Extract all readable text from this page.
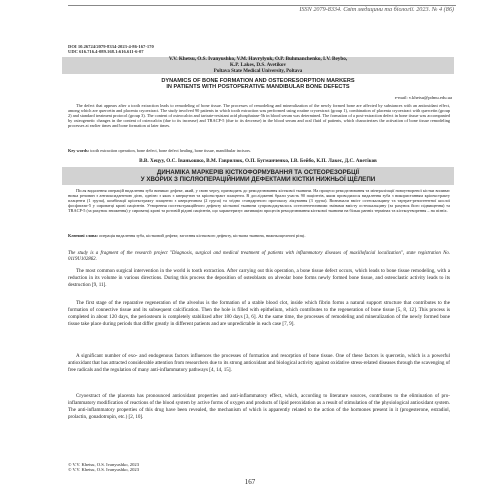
ISSN 2079-8334. Світ медицини та біології. 2023. № 4 (86)
DOI 10.26724/2079-8334-2023-4-86-167-170
UDC 616.716.4-089.168.1:616.611-6-07
V.V. Khetsu, O.S. Ivanyushko, V.M. Havrylyuk, O.P. Buhmanchenko, I.V. Beybo,
K.P. Lakes, D.S. Avetikov
Poltava State Medical University, Poltava
DYNAMICS OF BONE FORMATION AND OSTEORESORPTION MARKERS
IN PATIENTS WITH POSTOPERATIVE MANDIBULAR BONE DEFECTS
e-mail: v.khetsu@pdmu.edu.ua
The defect that appears after a tooth extraction leads to remodeling of bone tissue. The processes of remodeling and mineralization of the newly formed bone are affected by substances with an antioxidant effect, among which are quercetin and placenta cryoextract. The study involved 90 patients in which tooth extraction was performed using routine cryoextract (group 1), combination of placenta cryoextract with quercetin (group 2) and standard treatment protocol (group 3). The content of osteocalcin and tartrate-resistant acid phosphatase-5b in blood serum was determined. The formation of a post-extraction defect in bone tissue was accompanied by osteogenetic changes in the content of osteocalcin (due to its increase) and TRACP-5 (due to its decrease) in the blood serum and oral fluid of patients, which characterizes the activation of bone tissue remodeling processes at earlier times and bone formation at later times.
Key words: tooth extraction operation, bone defect, bone defect healing, bone tissue, mandibular incisors.
В.В. Хецуу, О.С. Іваньошко, В.М. Гаврилюк, О.П. Бугманченко, І.В. Бейбо, К.П. Лакес, Д.С. Аветіков
ДИНАМІКА МАРКЕРІВ КІСТКОФОРМУВАННЯ ТА ОСТЕОРЕЗОРБЦІЇ
У ХВОРИХ З ПІСЛЯОПЕРАЦІЙНИМИ ДЕФЕКТАМИ КІСТКИ НИЖНЬОЇ ЩЕЛЕПИ
Після видалення операцій видалення зуба виникає дефект, який, у свою чергу, призводить до ремоделювання кісткової тканини. На процеси ремоделювання та мінералізації новоутвореної кістки впливає низка речовин з антиоксидантною дією, однією з яких є кверцетин та кріоекстракт плаценти. В дослідженні брали участь 90 пацієнтів, яким проводилося видалення зуба з використанням кріоекстракту плаценти (1 група), комбінації кріоекстракту плаценти з кверцетином (2 група) та згідно стандартного протоколу лікування (3 група). Визначали вміст остеокальцину та тартрат-резистентної кислої фосфатази-5 у сироватці крові пацієнтів. Утворення постекстракційного дефекту кісткової тканини супроводжувалось остеогенетичними змінами вмісту остеокальцину (за рахунок його підвищення) та TRACP-5 (за рахунок зниження) у сироватці крові та ротовій рідині пацієнтів, що характеризує активацію процесів ремоделювання кісткової тканини на більш ранніх термінах та кісткоутворення – на пізніх.
Ключові слова: операція видалення зуба, кістковий дефект, загоєння кісткового дефекту, кісткова тканина, нижньощелепні різці.
The study is a fragment of the research project "Diagnosis, surgical and medical treatment of patients with inflammatory diseases of maxillofacial localization", state registration No. 0119U102862.
The most common surgical intervention in the world is tooth extraction. After carrying out this operation, a bone tissue defect occurs, which leads to bone tissue remodeling, with a reduction in its volume in various directions. During this process the deposition of osteoblasts on alveolar bone forms newly formed bone tissue, and osteoclastic activity leads to its destruction [9, 11].
The first stage of the reparative regeneration of the alveolus is the formation of a stable blood clot, inside which fibrin forms a natural support structure that contributes to the formation of connective tissue and its subsequent calcification. Then the hole is filled with epithelium, which contributes to the regeneration of bone tissue [5, 8, 12]. This process is completed in about 120 days, the periosteum is completely stabilized after 180 days [3, 6]. At the same time, the processes of remodeling and mineralization of the newly formed bone tissue take place during periods that differ greatly in different patients and are unpredictable in each case [7, 9].
A significant number of exo- and endogenous factors influences the processes of formation and resorption of bone tissue. One of these factors is quercetin, which is a powerful antioxidant that has attracted considerable attention from researchers due to its strong antioxidant and biological activity against oxidative stress-related diseases through the scavenging of free radicals and the regulation of many anti-inflammatory pathways [4, 14, 15].
Cryoextract of the placenta has pronounced antioxidant properties and anti-inflammatory effect, which, according to literature sources, contributes to the elimination of pro-inflammatory modification of reactions of the blood system by active forms of oxygen and products of lipid peroxidation as a result of stimulation of the physiological antioxidant system. The anti-inflammatory properties of this drug have been revealed, the mechanism of which is apparently related to the action of the hormones present in it (progesterone, estradiol, prolactin, gonadotropin, etc.) [2, 10].
© V.V. Khetsu, O.S. Ivanyushko, 2023
© V.V. Khetsu, O.S. Ivanyushko, 2023
167
